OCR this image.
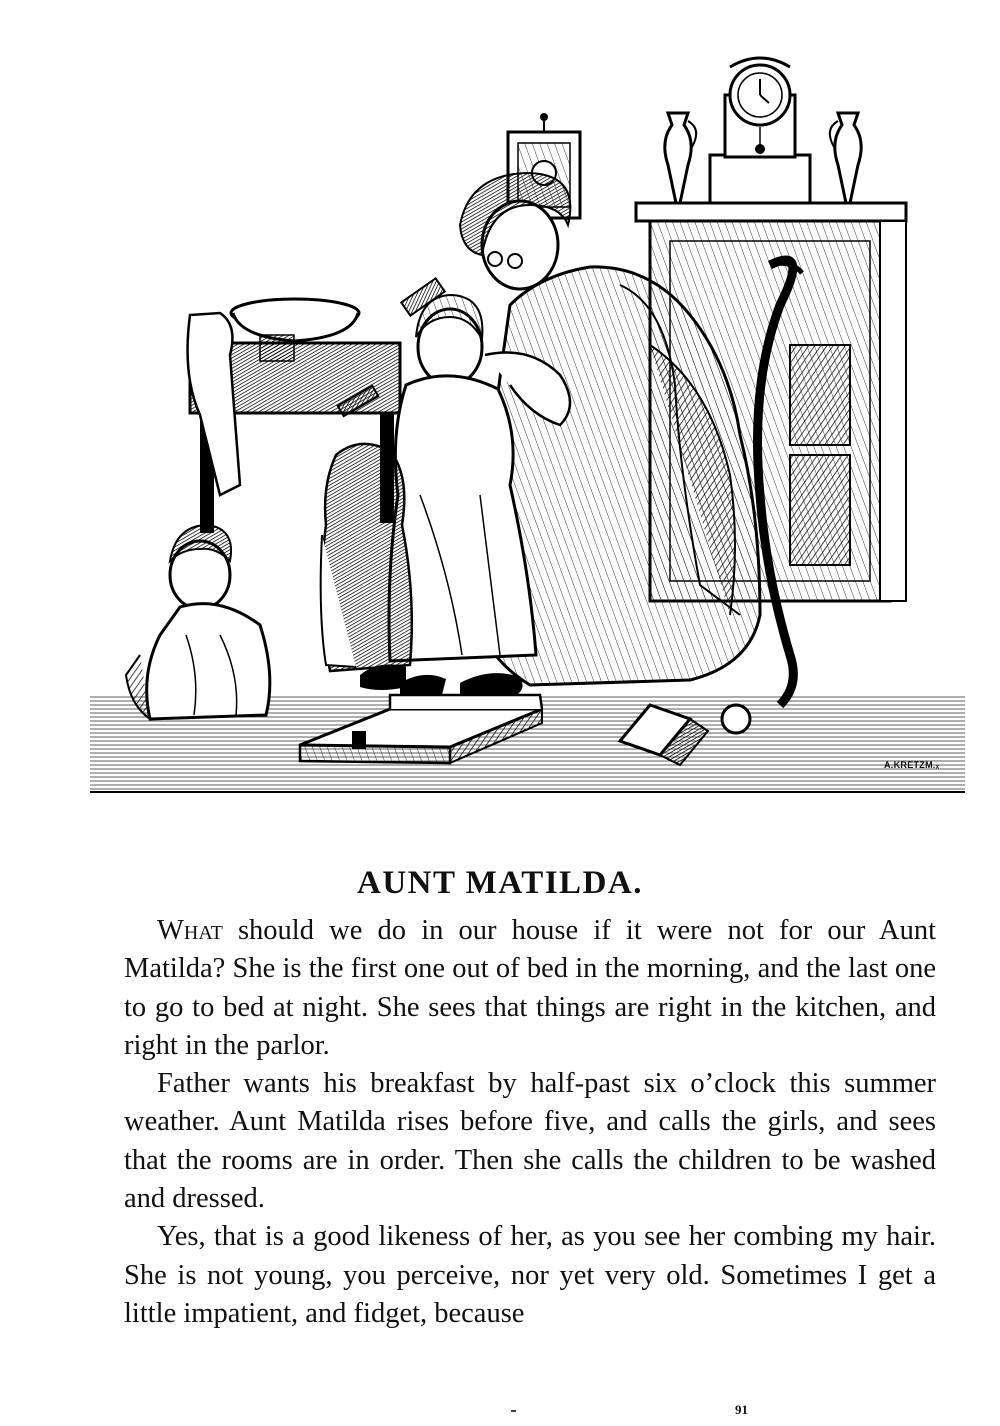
A.KRETZM.ₓ
AUNT MATILDA.

What should we do in our house if it were not for our Aunt Matilda? She is the first one out of bed in the morning, and the last one to go to bed at night. She sees that things are right in the kitchen, and right in the parlor.

Father wants his breakfast by half-past six o’clock this summer weather. Aunt Matilda rises before five, and calls the girls, and sees that the rooms are in order. Then she calls the children to be washed and dressed.

Yes, that is a good likeness of her, as you see her combing my hair. She is not young, you perceive, nor yet very old. Sometimes I get a little impatient, and fidget, because

91
